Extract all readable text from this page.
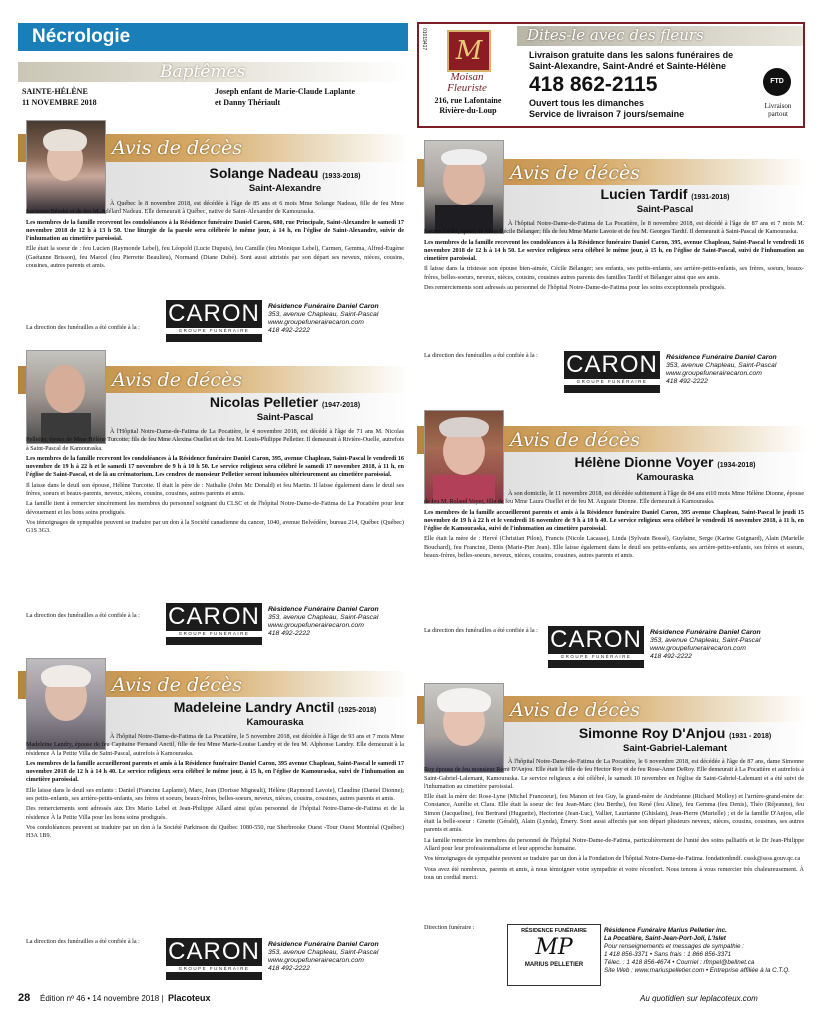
Nécrologie
Baptêmes
SAINTE-HÉLÈNE
11 NOVEMBRE 2018
Joseph enfant de Marie-Claude Laplante
et Danny Thériault
01019417	M
Moisan Fleuriste
216, rue Lafontaine
Rivière-du-Loup
Dites-le avec des fleurs
Livraison gratuite dans les salons funéraires de
Saint-Alexandre, Saint-André et Sainte-Hélène
418 862-2115
Ouvert tous les dimanches
Service de livraison 7 jours/semaine
FTD
Livraison
partout
Avis de décès
Solange Nadeau (1933-2018)
Saint-Alexandre

À Québec le 8 novembre 2018, est décédée à l'âge de 85 ans et 6 mois Mme Solange Nadeau, fille de feu Mme Lucienne Bérubé et de feu M. Adélard Nadeau. Elle demeurait à Québec, native de Saint-Alexandre de Kamouraska.

Les membres de la famille recevront les condoléances à la Résidence funéraire Daniel Caron, 680, rue Principale, Saint-Alexandre le samedi 17 novembre 2018 de 12 h à 13 h 50. Une liturgie de la parole sera célébrée le même jour, à 14 h, en l'église de Saint-Alexandre, suivie de l'inhumation au cimetière paroissial.

Elle était la soeur de : feu Lucien (Raymonde Lebel), feu Léopold (Lucie Dupuis), feu Camille (feu Monique Lebel), Carmen, Gemma, Alfred-Eugène (Gaétanne Brisson), feu Marcel (feu Pierrette Beaulieu), Normand (Diane Dubé). Sont aussi attristés par son départ ses neveux, nièces, cousins, cousines, autres parents et amis.

La direction des funérailles a été confiée à la :
CARON
GROUPE FUNÉRAIRE
Résidence Funéraire Daniel Caron
353, avenue Chapleau, Saint-Pascal
www.groupefunerairecaron.com
418 492-2222
Avis de décès
Nicolas Pelletier (1947-2018)
Saint-Pascal

À l'Hôpital Notre-Dame-de-Fatima de La Pocatière, le 4 novembre 2018, est décédé à l'âge de 71 ans M. Nicolas Pelletier, époux de Mme Hélène Turcotte; fils de feu Mme Alexina Ouellet et de feu M. Louis-Philippe Pelletier. Il demeurait à Rivière-Ouelle, autrefois à Saint-Pascal de Kamouraska.

Les membres de la famille recevront les condoléances à la Résidence funéraire Daniel Caron, 395, avenue Chapleau, Saint-Pascal le vendredi 16 novembre de 19 h à 22 h et le samedi 17 novembre de 9 h à 10 h 50. Le service religieux sera célébré le samedi 17 novembre 2018, à 11 h, en l'église de Saint-Pascal, et de là au crématorium. Les cendres de monsieur Pelletier seront inhumées ultérieurement au cimetière paroissial.

Il laisse dans le deuil son épouse, Hélène Turcotte. Il était le père de : Nathalie (John Mc Donald) et feu Martin. Il laisse également dans le deuil ses frères, soeurs et beaux-parents, neveux, nièces, cousins, cousines, autres parents et amis.

La famille tient à remercier sincèrement les membres du personnel soignant du CLSC et de l'hôpital Notre-Dame-de-Fatima de La Pocatière pour leur dévouement et les bons soins prodigués.

Vos témoignages de sympathie peuvent se traduire par un don à la Société canadienne du cancer, 1040, avenue Belvédère, bureau 214, Québec (Québec) G1S 3G3.

La direction des funérailles a été confiée à la :	CARON
GROUPE FUNÉRAIRE
Résidence Funéraire Daniel Caron
353, avenue Chapleau, Saint-Pascal
www.groupefunerairecaron.com
418 492-2222
Avis de décès
Madeleine Landry Anctil (1925-2018)
Kamouraska

À l'hôpital Notre-Dame-de-Fatima de La Pocatière, le 5 novembre 2018, est décédée à l'âge de 93 ans et 7 mois Mme Madeleine Landry, épouse de feu Capitaine Fernand Anctil, fille de feu Mme Marie-Louise Landry et de feu M. Alphonse Landry. Elle demeurait à la résidence À la Petite Villa de Saint-Pascal, autrefois à Kamouraska.

Les membres de la famille accueilleront parents et amis à la Résidence funéraire Daniel Caron, 395 avenue Chapleau, Saint-Pascal le samedi 17 novembre 2018 de 12 h à 14 h 40. Le service religieux sera célébré le même jour, à 15 h, en l'église de Kamouraska, suivi de l'inhumation au cimetière paroissial.

Elle laisse dans le deuil ses enfants : Daniel (Francine Laplante), Marc, Jean (Dorisse Mignealt), Hélène (Raymond Lavoie), Claudine (Daniel Dionne); ses petits-enfants, ses arrière-petits-enfants, ses frères et soeurs, beaux-frères, belles-soeurs, neveux, nièces, cousins, cousines, autres parents et amis.

Des remerciements sont adressés aux Drs Mario Lebel et Jean-Philippe Allard ainsi qu'au personnel de l'hôpital Notre-Dame-de-Fatima et de la résidence À la Petite Villa pour les bons soins prodigués.

Vos condoléances peuvent se traduire par un don à la Société Parkinson du Québec 1080-550, rue Sherbrooke Ouest -Tour Ouest Montréal (Québec) H3A 1B9.

La direction des funérailles a été confiée à la :	CARON
GROUPE FUNÉRAIRE
Résidence Funéraire Daniel Caron
353, avenue Chapleau, Saint-Pascal
www.groupefunerairecaron.com
418 492-2222
Avis de décès
Lucien Tardif (1931-2018)
Saint-Pascal

À l'hôpital Notre-Dame-de-Fatima de La Pocatière, le 8 novembre 2018, est décédé à l'âge de 87 ans et 7 mois M. Lucien Tardif, époux de Mme Cécile Bélanger; fils de feu Mme Marie Lavoie et de feu M. Georges Tardif. Il demeurait à Saint-Pascal de Kamouraska.

Les membres de la famille recevront les condoléances à la Résidence funéraire Daniel Caron, 395, avenue Chapleau, Saint-Pascal le vendredi 16 novembre 2018 de 12 h à 14 h 50. Le service religieux sera célébré le même jour, à 15 h, en l'église de Saint-Pascal, suivi de l'inhumation au cimetière paroissial.

Il laisse dans la tristesse son épouse bien-aimée, Cécile Bélanger; ses enfants, ses petits-enfants, ses arrière-petits-enfants, ses frères, soeurs, beaux-frères, belles-soeurs, neveux, nièces, cousins, cousines autres parents des familles Tardif et Bélanger ainsi que ses amis.

Des remerciements sont adressés au personnel de l'hôpital Notre-Dame-de-Fatima pour les soins exceptionnels prodigués.

La direction des funérailles a été confiée à la :	CARON
GROUPE FUNÉRAIRE
Résidence Funéraire Daniel Caron
353, avenue Chapleau, Saint-Pascal
www.groupefunerairecaron.com
418 492-2222
Avis de décès
Hélène Dionne Voyer (1934-2018)
Kamouraska

À son domicile, le 11 novembre 2018, est décédée subitement à l'âge de 84 ans et10 mois Mme Hélène Dionne, épouse de feu M. Roland Voyer, fille de feu Mme Laura Ouellet et de feu M. Auguste Dionne. Elle demeurait à Kamouraska.

Les membres de la famille accueilleront parents et amis à la Résidence funéraire Daniel Caron, 395 avenue Chapleau, Saint-Pascal le jeudi 15 novembre de 19 h à 22 h et le vendredi 16 novembre de 9 h à 10 h 40. Le service religieux sera célébré le vendredi 16 novembre 2018, à 11 h, en l'église de Kamouraska, suivi de l'inhumation au cimetière paroissial.

Elle était la mère de : Hervé (Christian Pilon), Francis (Nicole Lacasse), Linda (Sylvain Bossé), Guylaine, Serge (Karine Guignard), Alain (Marielle Bouchard), feu Francine, Denis (Marie-Pier Jean). Elle laisse également dans le deuil ses petits-enfants, ses arrière-petits-enfants, ses frères et soeurs, beaux-frères, belles-soeurs, neveux, nièces, cousins, cousines, autres parents et amis.

La direction des funérailles a été confiée à la : CARON
GROUPE FUNÉRAIRE
Résidence Funéraire Daniel Caron
353, avenue Chapleau, Saint-Pascal
www.groupefunerairecaron.com
418 492-2222
Avis de décès
Simonne Roy D'Anjou (1931 - 2018)
Saint-Gabriel-Lalemant

À l'hôpital Notre-Dame-de-Fatima de La Pocatière, le 6 novembre 2018, est décédée à l'âge de 87 ans, dame Simonne Roy épouse de feu monsieur Rémi D'Anjou. Elle était la fille de feu Hector Roy et de feu Rose-Anne DeRoy. Elle demeurait à La Pocatière et autrefois à Saint-Gabriel-Lalemant, Kamouraska. Le service religieux a été célébré, le samedi 10 novembre en l'église de Saint-Gabriel-Lalemant et a été suivi de l'inhumation au cimetière paroissial.

Elle était la mère de: Rose-Lyne (Michel Francoeur), feu Manon et feu Guy, la grand-mère de Andréanne (Richard Molloy) et l'arrière-grand-mère de: Constance, Aurélie et Clara. Elle était la soeur de: feu Jean-Marc (feu Berthe), feu René (feu Aline), feu Gemma (feu Denis), Théo (Réjeanne), feu Simon (Jacqueline), feu Bertrand (Huguette), Hectorine (Jean-Luc), Vallier, Laurianne (Ghislain), Jean-Pierre (Murielle) ; et de la famille D'Anjou, elle était la belle-soeur : Ginette (Gérald), Alain (Lynda), Émery. Sont aussi affectés par son départ plusieurs neveux, nièces, cousins, cousines, ses autres parents et amis.

La famille remercie les membres du personnel de l'hôpital Notre-Dame-de-Fatima, particulièrement de l'unité des soins palliatifs et le Dr Jean-Philippe Allard pour leur professionnalisme et leur approche humaine.

Vos témoignages de sympathie peuvent se traduire par un don à la Fondation de l'hôpital Notre-Dame-de-Fatima. fondationhndf. csssk@ssss.gouv.qc.ca

Vous avez été nombreux, parents et amis, à nous témoigner votre sympathie et votre réconfort. Nous tenons à vous remercier très chaleureusement. À tous un cordial merci.

Direction funéraire :	RÉSIDENCE FUNÉRAIRE
MP
MARIUS PELLETIER
Résidence Funéraire Marius Pelletier inc.
La Pocatière, Saint-Jean-Port-Joli, L'Islet
Pour renseignements et messages de sympathie :
1 418 856-3371 • Sans frais : 1 866 856-3371
Télec. : 1 418 856-4674 • Courriel : rfmpel@bellnet.ca
Site Web : www.mariuspelletier.com • Entreprise affiliée à la C.T.Q.
28 Édition nº 46 • 14 novembre 2018 | Placoteux	Au quotidien sur leplacoteux.com
